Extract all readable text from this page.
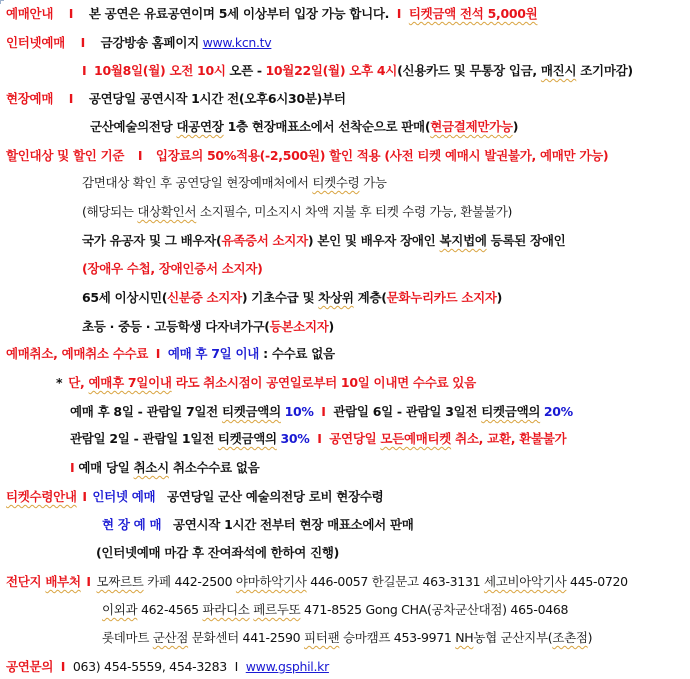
예매안내 I 본 공연은 유료공연이며 5세 이상부터 입장 가능 합니다. I 티켓금액 전석 5,000원
인터넷예매 I 금강방송 홈페이지 www.kcn.tv
I 10월8일(월) 오전 10시 오픈 - 10월22일(월) 오후 4시(신용카드 및 무통장 입금, 매진시 조기마감)
현장예매 I 공연당일 공연시작 1시간 전(오후6시30분)부터
군산예술의전당 대공연장 1층 현장매표소에서 선착순으로 판매(현금결제만가능)
할인대상 및 할인 기준 I 입장료의 50%적용(-2,500원) 할인 적용 (사전 티켓 예매시 발권불가, 예매만 가능)
감면대상 확인 후 공연당일 현장예매처에서 티켓수령 가능
(해당되는 대상확인서 소지필수, 미소지시 차액 지불 후 티켓 수령 가능, 환불불가)
국가 유공자 및 그 배우자(유족증서 소지자) 본인 및 배우자 장애인 복지법에 등록된 장애인
(장애우 수첩, 장애인증서 소지자)
65세 이상시민(신분증 소지자) 기초수급 및 차상위 계층(문화누리카드 소지자)
초등 · 중등 · 고등학생 다자녀가구(등본소지자)
예매취소, 예매취소 수수료 I 예매 후 7일 이내 : 수수료 없음
* 단, 예매후 7일이내 라도 취소시점이 공연일로부터 10일 이내면 수수료 있음
예매 후 8일 - 관람일 7일전 티켓금액의 10% I 관람일 6일 - 관람일 3일전 티켓금액의 20%
관람일 2일 - 관람일 1일전 티켓금액의 30% I 공연당일 모든예매티켓 취소, 교환, 환불불가
I 예매 당일 취소시 취소수수료 없음
티켓수령안내 I 인터넷 예매 공연당일 군산 예술의전당 로비 현장수령
현 장 예 매 공연시작 1시간 전부터 현장 매표소에서 판매
(인터넷예매 마감 후 잔여좌석에 한하여 진행)
전단지 배부처 I 모짜르트 카페 442-2500 야마하악기사 446-0057 한길문고 463-3131 세고비아악기사 445-0720
이외과 462-4565 파라디소 페르두또 471-8525 Gong CHA(공차군산대점) 465-0468
롯데마트 군산점 문화센터 441-2590 피터팬 승마캠프 453-9971 NH농협 군산지부(조촌점)
공연문의 I 063) 454-5559, 454-3283 I www.gsphil.kr
